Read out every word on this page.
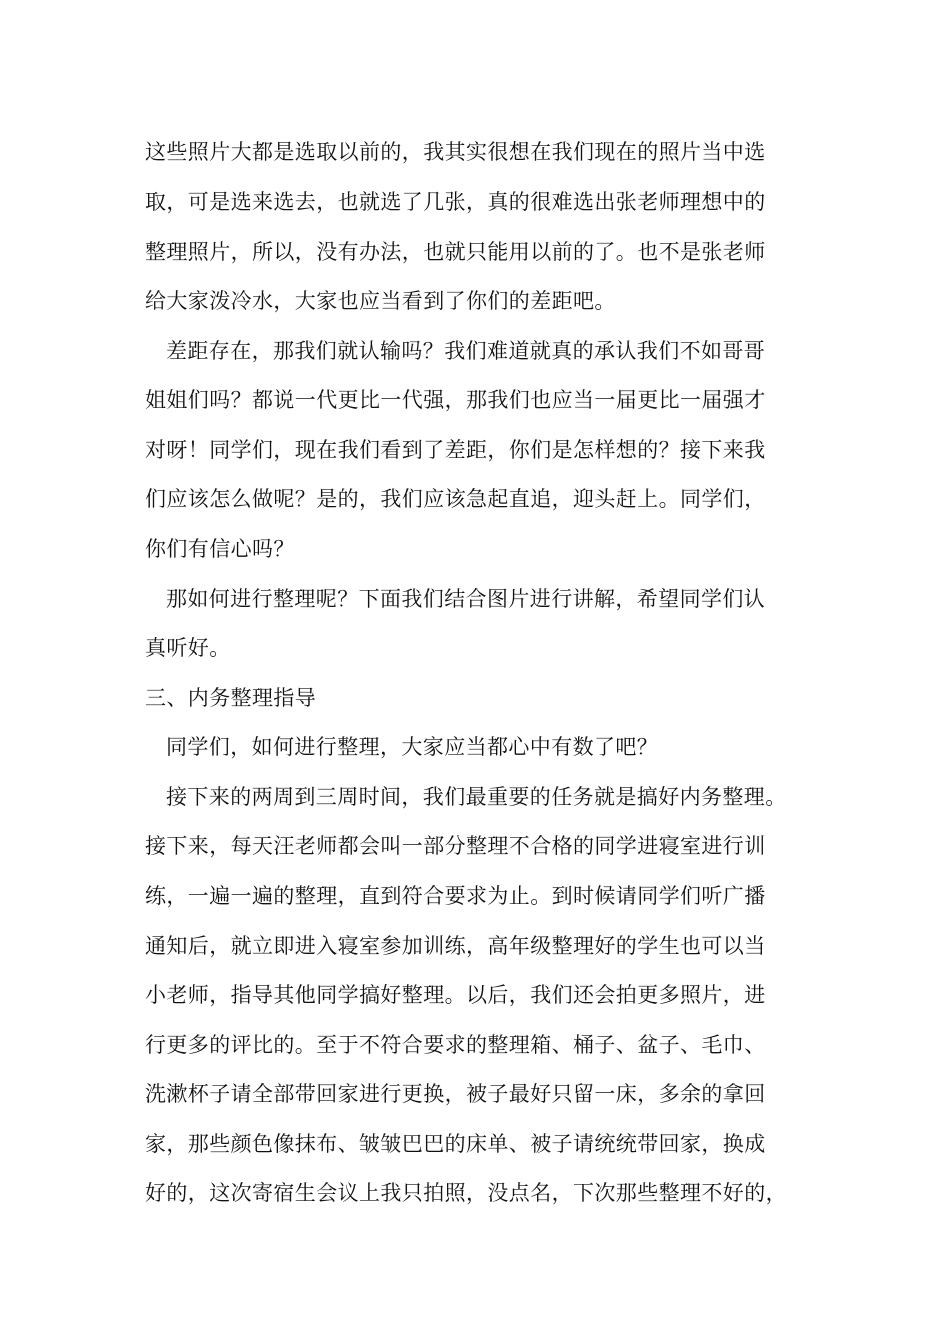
这些照片大都是选取以前的，我其实很想在我们现在的照片当中选
取，可是选来选去，也就选了几张，真的很难选出张老师理想中的
整理照片，所以，没有办法，也就只能用以前的了。也不是张老师
给大家泼冷水，大家也应当看到了你们的差距吧。
差距存在，那我们就认输吗？我们难道就真的承认我们不如哥哥
姐姐们吗？都说一代更比一代强，那我们也应当一届更比一届强才
对呀！同学们，现在我们看到了差距，你们是怎样想的？接下来我
们应该怎么做呢？是的，我们应该急起直追，迎头赶上。同学们，
你们有信心吗？
那如何进行整理呢？下面我们结合图片进行讲解，希望同学们认
真听好。
三、内务整理指导
同学们，如何进行整理，大家应当都心中有数了吧？
接下来的两周到三周时间，我们最重要的任务就是搞好内务整理。
接下来，每天汪老师都会叫一部分整理不合格的同学进寝室进行训
练，一遍一遍的整理，直到符合要求为止。到时候请同学们听广播
通知后，就立即进入寝室参加训练，高年级整理好的学生也可以当
小老师，指导其他同学搞好整理。以后，我们还会拍更多照片，进
行更多的评比的。至于不符合要求的整理箱、桶子、盆子、毛巾、
洗漱杯子请全部带回家进行更换，被子最好只留一床，多余的拿回
家，那些颜色像抹布、皱皱巴巴的床单、被子请统统带回家，换成
好的，这次寄宿生会议上我只拍照，没点名，下次那些整理不好的，
